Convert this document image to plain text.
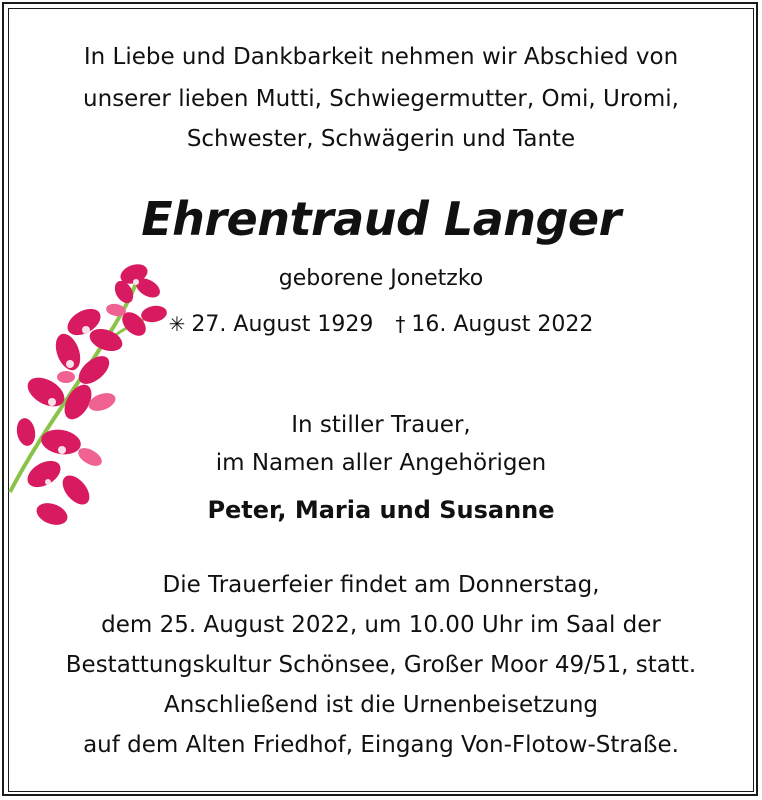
In Liebe und Dankbarkeit nehmen wir Abschied von
unserer lieben Mutti, Schwiegermutter, Omi, Uromi,
Schwester, Schwägerin und Tante
Ehrentraud Langer
geborene Jonetzko
✳ 27. August 1929 † 16. August 2022
In stiller Trauer,
im Namen aller Angehörigen
Peter, Maria und Susanne
Die Trauerfeier findet am Donnerstag,
dem 25. August 2022, um 10.00 Uhr im Saal der
Bestattungskultur Schönsee, Großer Moor 49/51, statt.
Anschließend ist die Urnenbeisetzung
auf dem Alten Friedhof, Eingang Von-Flotow-Straße.
